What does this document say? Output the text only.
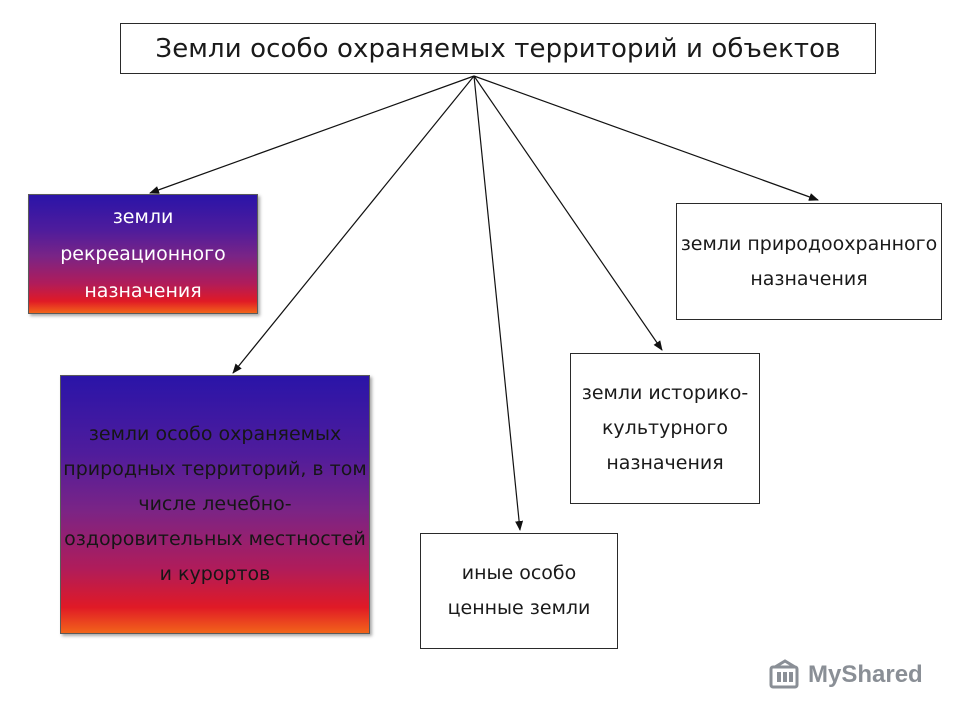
Земли особо охраняемых территорий и объектов
земли рекреационного назначения
земли особо охраняемых природных территорий, в том числе лечебно-оздоровительных местностей и курортов
земли природоохранного назначения
земли историко-культурного назначения
иные особо ценные земли
MyShared
